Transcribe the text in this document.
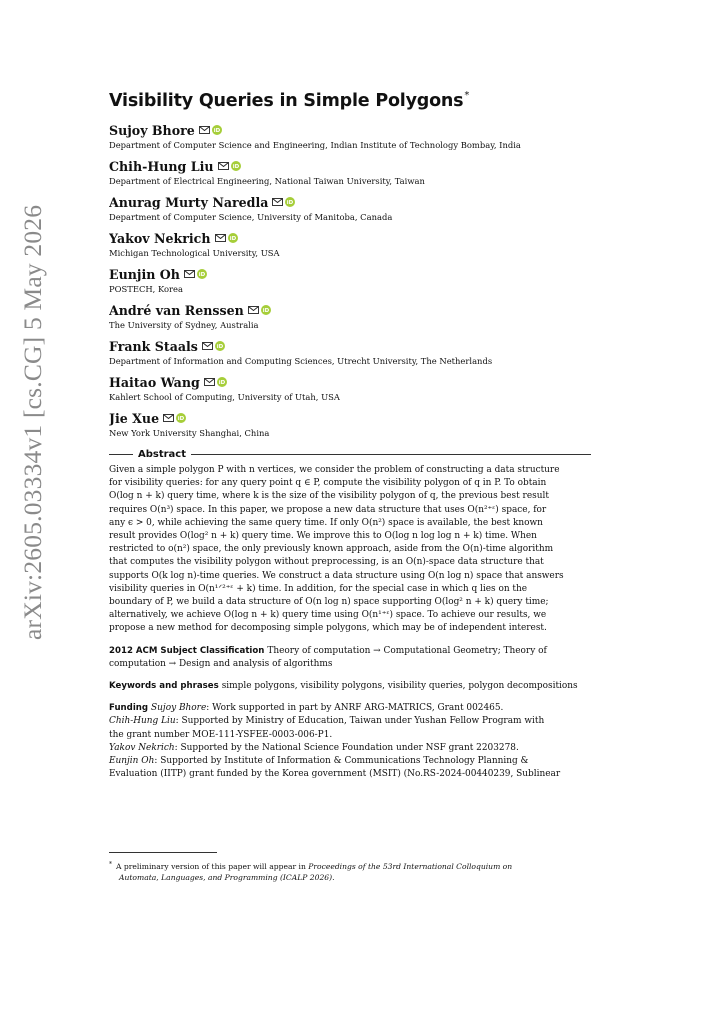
arXiv:2605.03334v1 [cs.CG] 5 May 2026
Visibility Queries in Simple Polygons*
Sujoy Bhore	iD
Department of Computer Science and Engineering, Indian Institute of Technology Bombay, India
Chih-Hung Liu	iD
Department of Electrical Engineering, National Taiwan University, Taiwan
Anurag Murty Naredla	iD
Department of Computer Science, University of Manitoba, Canada
Yakov Nekrich	iD
Michigan Technological University, USA
Eunjin Oh	iD
POSTECH, Korea
André van Renssen	iD
The University of Sydney, Australia
Frank Staals	iD
Department of Information and Computing Sciences, Utrecht University, The Netherlands
Haitao Wang	iD
Kahlert School of Computing, University of Utah, USA
Jie Xue	iD
New York University Shanghai, China
Abstract
Given a simple polygon P with n vertices, we consider the problem of constructing a data structure
for visibility queries: for any query point q ∈ P, compute the visibility polygon of q in P. To obtain
O(log n + k) query time, where k is the size of the visibility polygon of q, the previous best result
requires O(n³) space. In this paper, we propose a new data structure that uses O(n²⁺ᵋ) space, for
any ϵ > 0, while achieving the same query time. If only O(n²) space is available, the best known
result provides O(log² n + k) query time. We improve this to O(log n log log n + k) time. When
restricted to o(n²) space, the only previously known approach, aside from the O(n)-time algorithm
that computes the visibility polygon without preprocessing, is an O(n)-space data structure that
supports O(k log n)-time queries. We construct a data structure using O(n log n) space that answers
visibility queries in O(n¹ᐟ²⁺ᵋ + k) time. In addition, for the special case in which q lies on the
boundary of P, we build a data structure of O(n log n) space supporting O(log² n + k) query time;
alternatively, we achieve O(log n + k) query time using O(n¹⁺ᵋ) space. To achieve our results, we
propose a new method for decomposing simple polygons, which may be of independent interest.
2012 ACM Subject Classification Theory of computation → Computational Geometry; Theory of
computation → Design and analysis of algorithms
Keywords and phrases simple polygons, visibility polygons, visibility queries, polygon decompositions
Funding Sujoy Bhore: Work supported in part by ANRF ARG-MATRICS, Grant 002465.
Chih-Hung Liu: Supported by Ministry of Education, Taiwan under Yushan Fellow Program with
the grant number MOE-111-YSFEE-0003-006-P1.
Yakov Nekrich: Supported by the National Science Foundation under NSF grant 2203278.
Eunjin Oh: Supported by Institute of Information & Communications Technology Planning &
Evaluation (IITP) grant funded by the Korea government (MSIT) (No.RS-2024-00440239, Sublinear
* A preliminary version of this paper will appear in Proceedings of the 53rd International Colloquium on
Automata, Languages, and Programming (ICALP 2026).
